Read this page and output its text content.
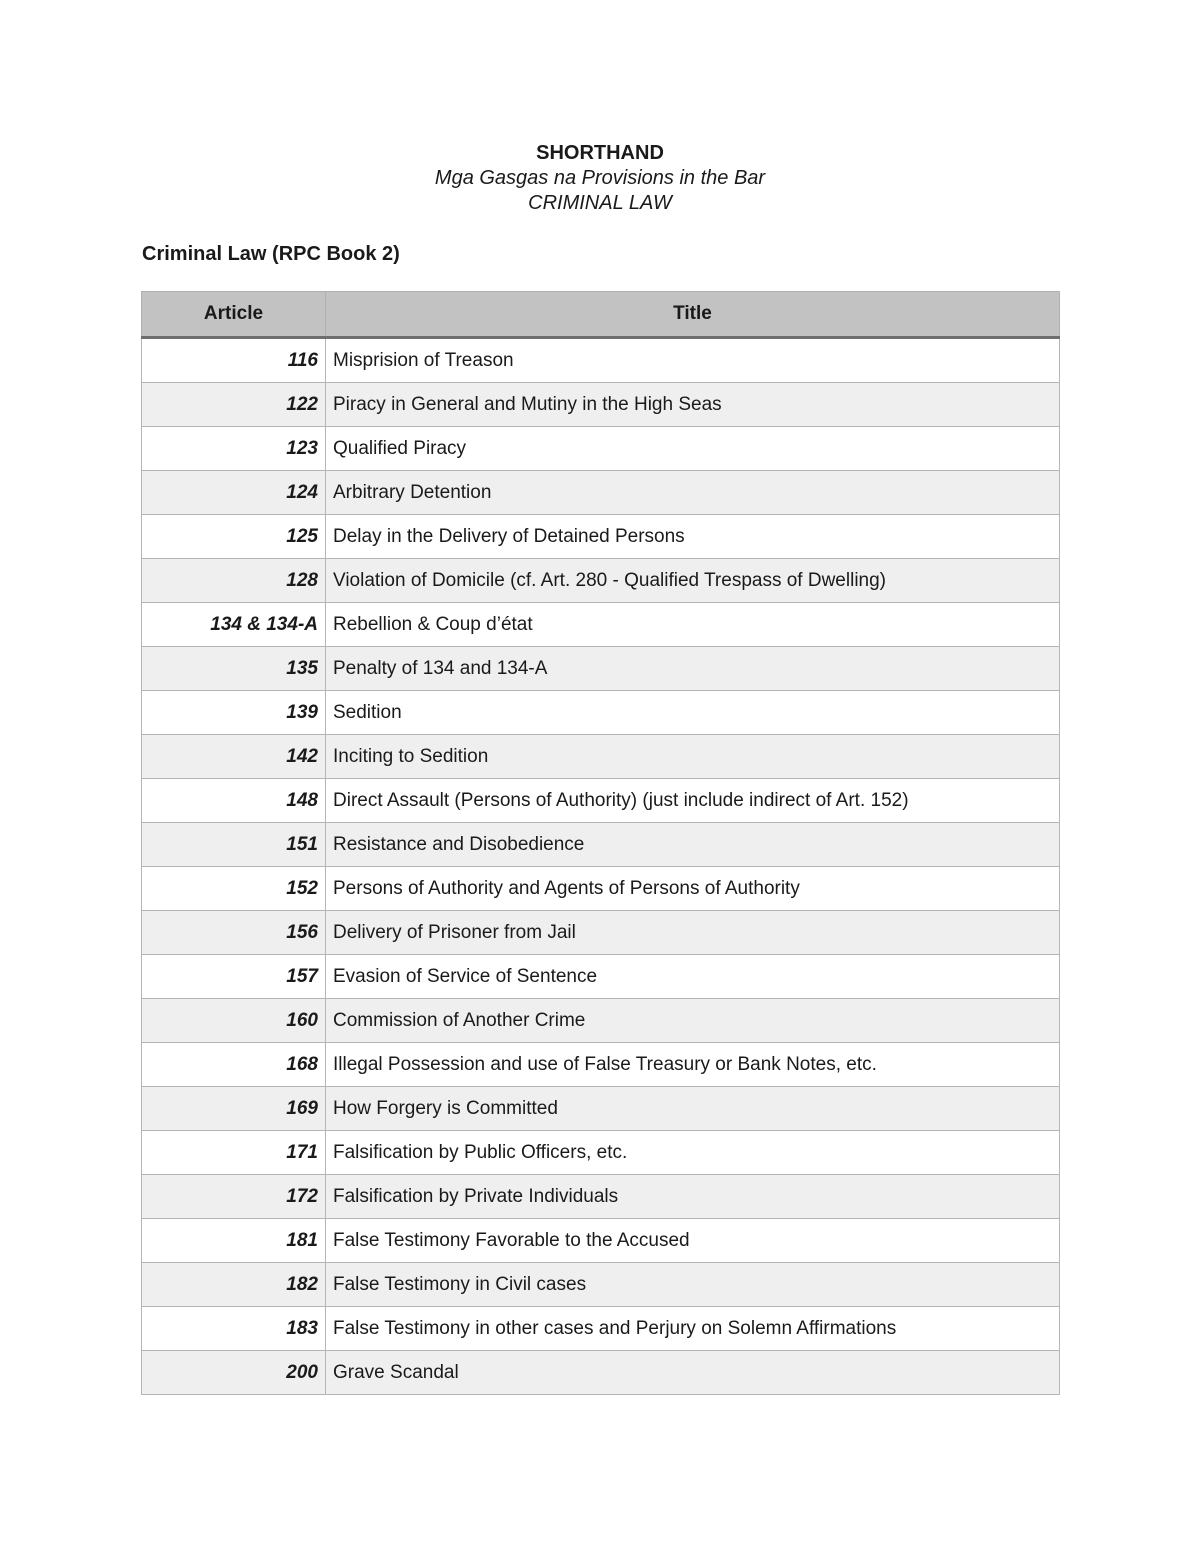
SHORTHAND

Mga Gasgas na Provisions in the Bar

CRIMINAL LAW

Criminal Law (RPC Book 2)
Article	Title
116	Misprision of Treason
122	Piracy in General and Mutiny in the High Seas
123	Qualified Piracy
124	Arbitrary Detention
125	Delay in the Delivery of Detained Persons
128	Violation of Domicile (cf. Art. 280 - Qualified Trespass of Dwelling)
134 & 134-A	Rebellion & Coup d’état
135	Penalty of 134 and 134-A
139	Sedition
142	Inciting to Sedition
148	Direct Assault (Persons of Authority) (just include indirect of Art. 152)
151	Resistance and Disobedience
152	Persons of Authority and Agents of Persons of Authority
156	Delivery of Prisoner from Jail
157	Evasion of Service of Sentence
160	Commission of Another Crime
168	Illegal Possession and use of False Treasury or Bank Notes, etc.
169	How Forgery is Committed
171	Falsification by Public Officers, etc.
172	Falsification by Private Individuals
181	False Testimony Favorable to the Accused
182	False Testimony in Civil cases
183	False Testimony in other cases and Perjury on Solemn Affirmations
200	Grave Scandal
